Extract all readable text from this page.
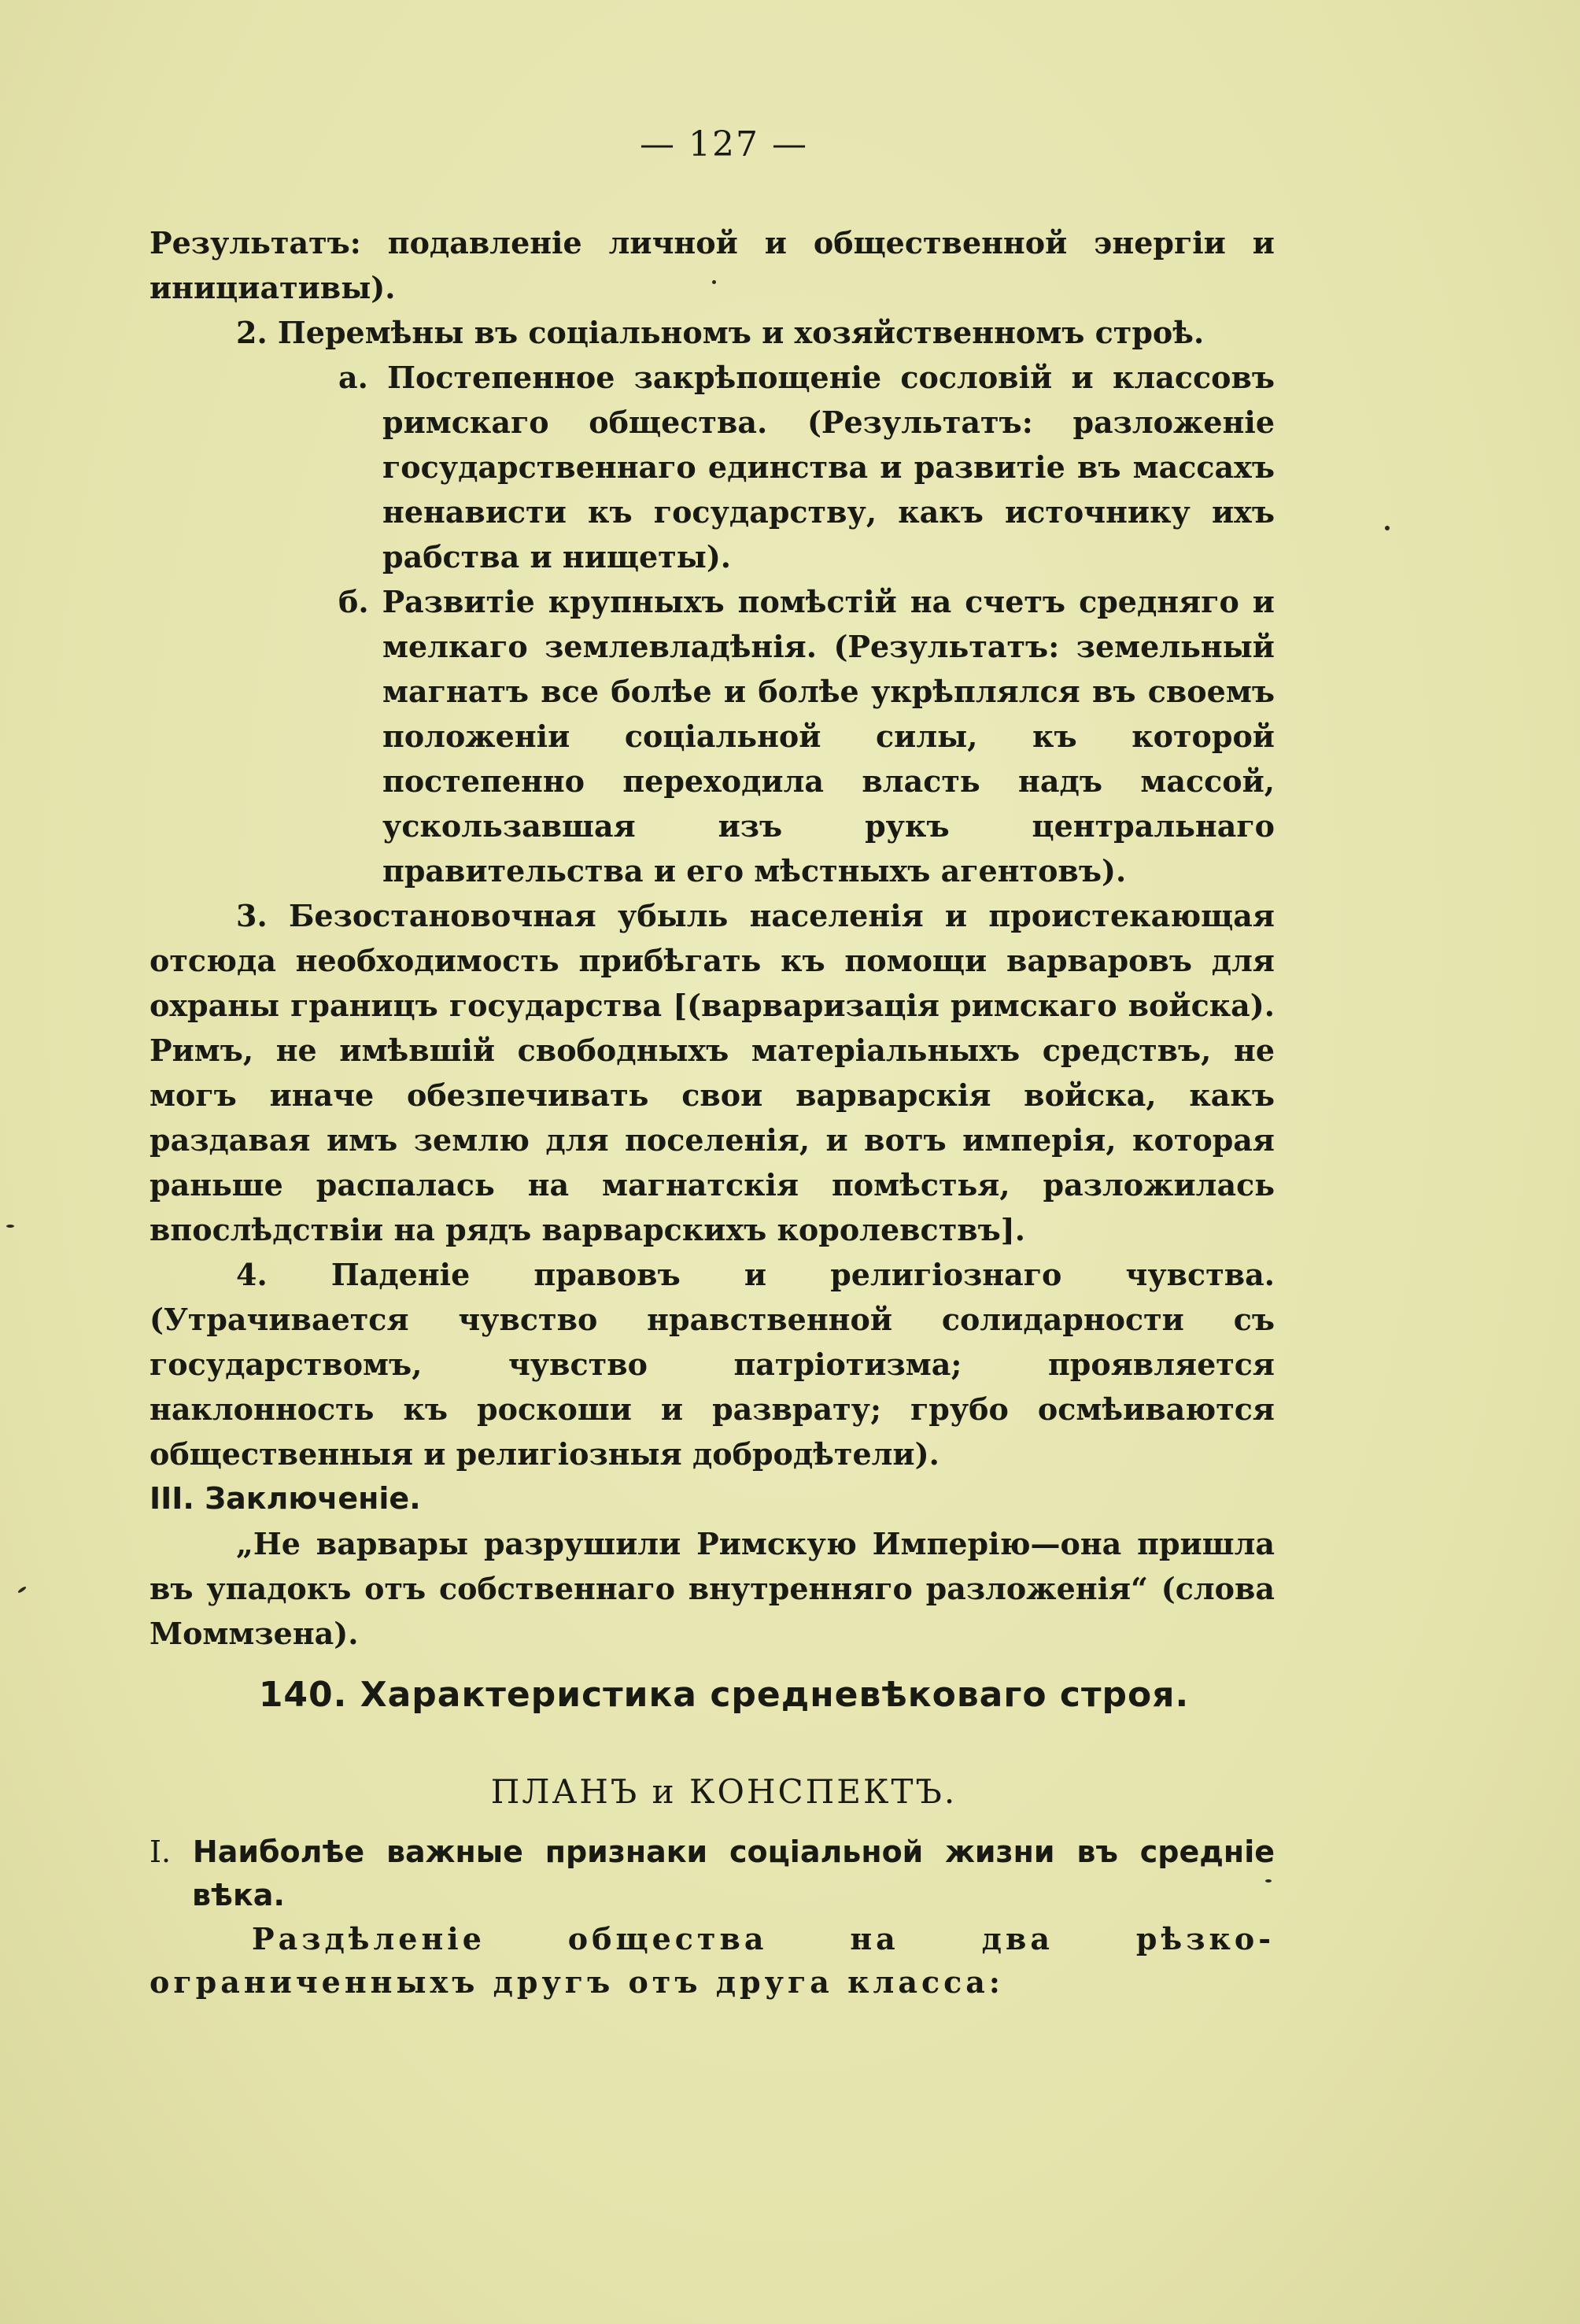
— 127 —

Результатъ: подавленіе личной и общественной энергіи и инициативы).

2. Перемѣны въ соціальномъ и хозяйственномъ строѣ.

а. Постепенное закрѣпощеніе сословій и классовъ римскаго общества. (Результатъ: разложеніе государственнаго единства и развитіе въ массахъ ненависти къ государству, какъ источнику ихъ рабства и нищеты).

б. Развитіе крупныхъ помѣстій на счетъ средняго и мелкаго землевладѣнія. (Результатъ: земельный магнатъ все болѣе и болѣе укрѣплялся въ своемъ положеніи соціальной силы, къ которой постепенно переходила власть надъ массой, ускользавшая изъ рукъ центральнаго правительства и его мѣстныхъ агентовъ).

3. Безостановочная убыль населенія и проистекающая отсюда необходимость прибѣгать къ помощи варваровъ для охраны границъ государства [(варваризація римскаго войска). Римъ, не имѣвшій свободныхъ матеріальныхъ средствъ, не могъ иначе обезпечивать свои варварскія войска, какъ раздавая имъ землю для поселенія, и вотъ имперія, которая раньше распалась на магнатскія помѣстья, разложилась впослѣдствіи на рядъ варварскихъ королевствъ].

4. Паденіе правовъ и религіознаго чувства. (Утрачивается чувство нравственной солидарности съ государствомъ, чувство патріотизма; проявляется наклонность къ роскоши и разврату; грубо осмѣиваются общественныя и религіозныя добродѣтели).

III. Заключеніе.

„Не варвары разрушили Римскую Имперію—она пришла въ упадокъ отъ собственнаго внутренняго разложенія“ (слова Моммзена).

140. Характеристика средневѣковаго строя.
ПЛАНЪ и КОНСПЕКТЪ.

I. Наиболѣе важные признаки соціальной жизни въ средніе вѣка.

Раздѣленіе общества на два рѣзко-ограниченныхъ другъ отъ друга класса:
